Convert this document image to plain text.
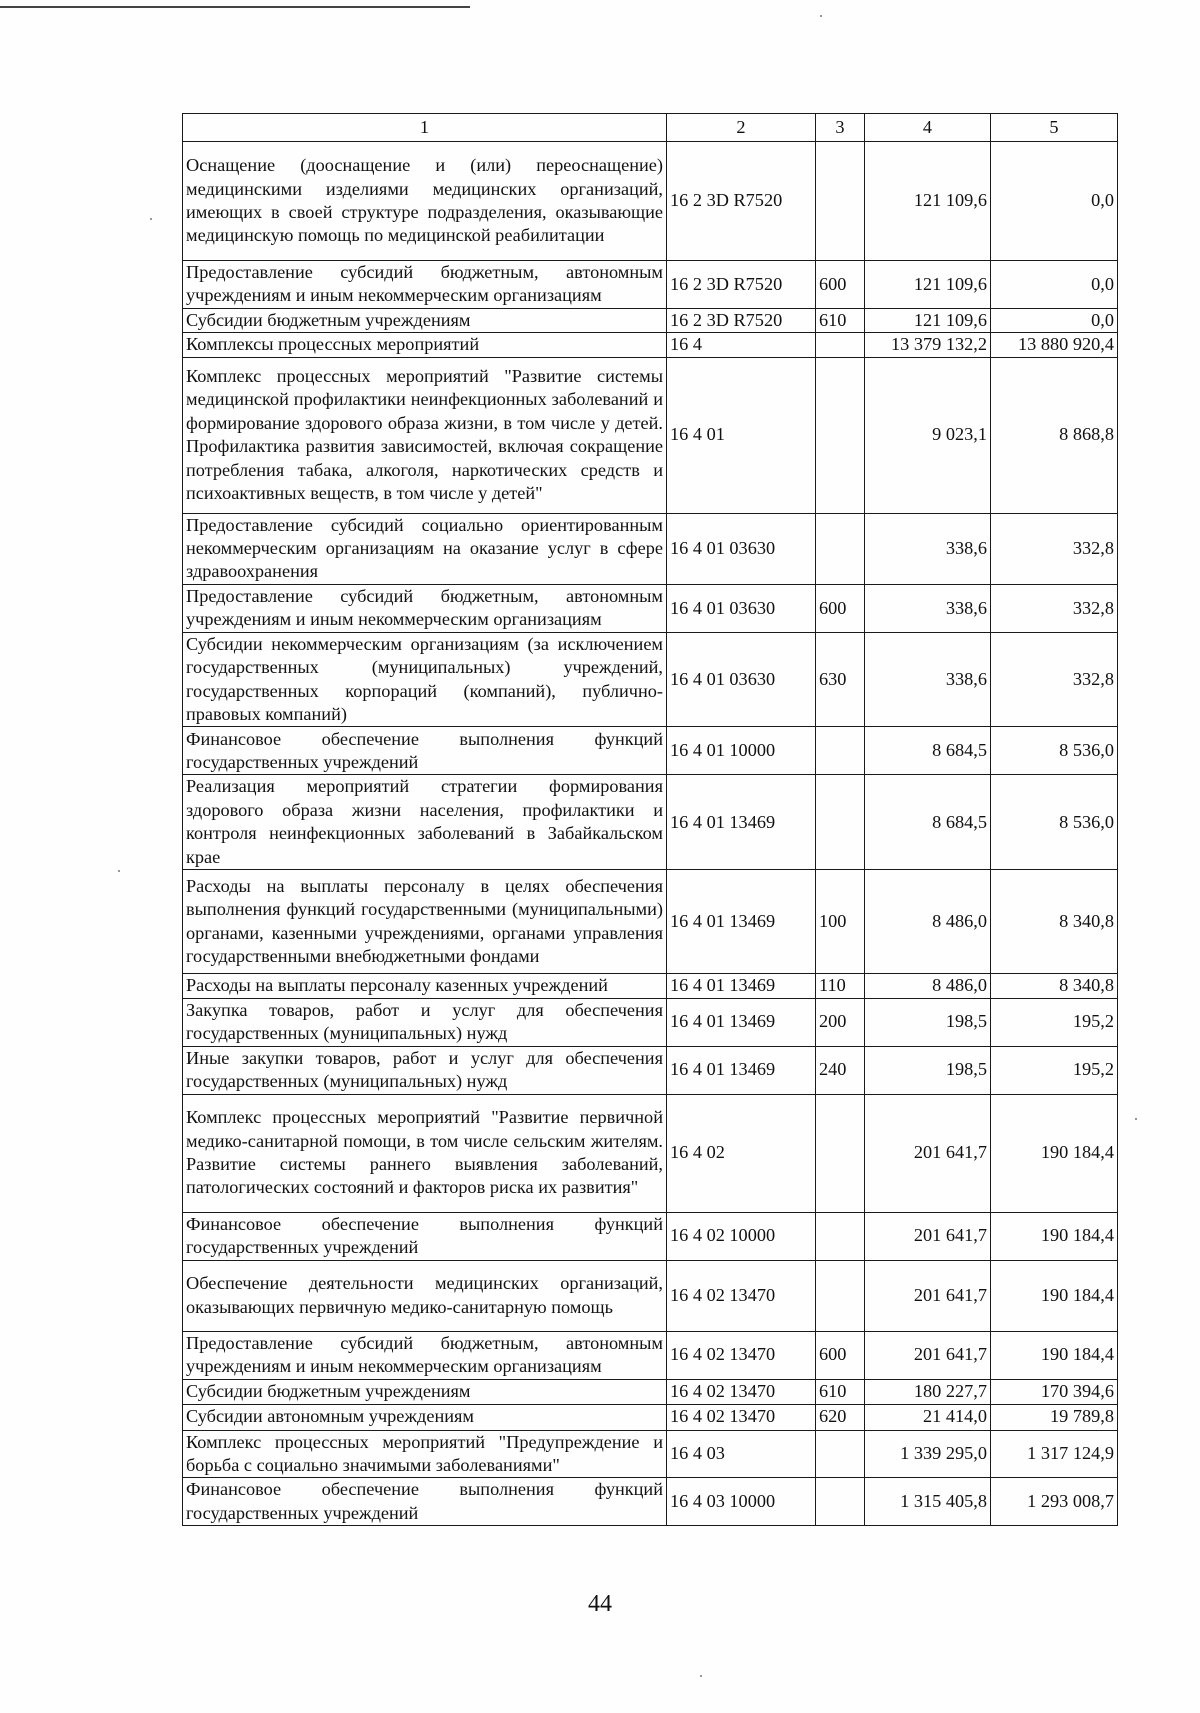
1	2	3	4	5
Оснащение (дооснащение и (или) переоснащение) медицинскими изделиями медицинских организаций, имеющих в своей структуре подразделения, оказывающие медицинскую помощь по медицинской реабилитации	16 2 3D R7520		121 109,6	0,0
Предоставление субсидий бюджетным, автономным учреждениям и иным некоммерческим организациям	16 2 3D R7520	600	121 109,6	0,0
Субсидии бюджетным учреждениям	16 2 3D R7520	610	121 109,6	0,0
Комплексы процессных мероприятий	16 4		13 379 132,2	13 880 920,4
Комплекс процессных мероприятий "Развитие системы медицинской профилактики неинфекционных заболеваний и формирование здорового образа жизни, в том числе у детей. Профилактика развития зависимостей, включая сокращение потребления табака, алкоголя, наркотических средств и психоактивных веществ, в том числе у детей"	16 4 01		9 023,1	8 868,8
Предоставление субсидий социально ориентированным некоммерческим организациям на оказание услуг в сфере здравоохранения	16 4 01 03630		338,6	332,8
Предоставление субсидий бюджетным, автономным учреждениям и иным некоммерческим организациям	16 4 01 03630	600	338,6	332,8
Субсидии некоммерческим организациям (за исключением государственных (муниципальных) учреждений, государственных корпораций (компаний), публично-правовых компаний)	16 4 01 03630	630	338,6	332,8
Финансовое обеспечение выполнения функций государственных учреждений	16 4 01 10000		8 684,5	8 536,0
Реализация мероприятий стратегии формирования здорового образа жизни населения, профилактики и контроля неинфекционных заболеваний в Забайкальском крае	16 4 01 13469		8 684,5	8 536,0
Расходы на выплаты персоналу в целях обеспечения выполнения функций государственными (муниципальными) органами, казенными учреждениями, органами управления государственными внебюджетными фондами	16 4 01 13469	100	8 486,0	8 340,8
Расходы на выплаты персоналу казенных учреждений	16 4 01 13469	110	8 486,0	8 340,8
Закупка товаров, работ и услуг для обеспечения государственных (муниципальных) нужд	16 4 01 13469	200	198,5	195,2
Иные закупки товаров, работ и услуг для обеспечения государственных (муниципальных) нужд	16 4 01 13469	240	198,5	195,2
Комплекс процессных мероприятий "Развитие первичной медико-санитарной помощи, в том числе сельским жителям. Развитие системы раннего выявления заболеваний, патологических состояний и факторов риска их развития"	16 4 02		201 641,7	190 184,4
Финансовое обеспечение выполнения функций государственных учреждений	16 4 02 10000		201 641,7	190 184,4
Обеспечение деятельности медицинских организаций, оказывающих первичную медико-санитарную помощь	16 4 02 13470		201 641,7	190 184,4
Предоставление субсидий бюджетным, автономным учреждениям и иным некоммерческим организациям	16 4 02 13470	600	201 641,7	190 184,4
Субсидии бюджетным учреждениям	16 4 02 13470	610	180 227,7	170 394,6
Субсидии автономным учреждениям	16 4 02 13470	620	21 414,0	19 789,8
Комплекс процессных мероприятий "Предупреждение и борьба с социально значимыми заболеваниями"	16 4 03		1 339 295,0	1 317 124,9
Финансовое обеспечение выполнения функций государственных учреждений	16 4 03 10000		1 315 405,8	1 293 008,7
44
